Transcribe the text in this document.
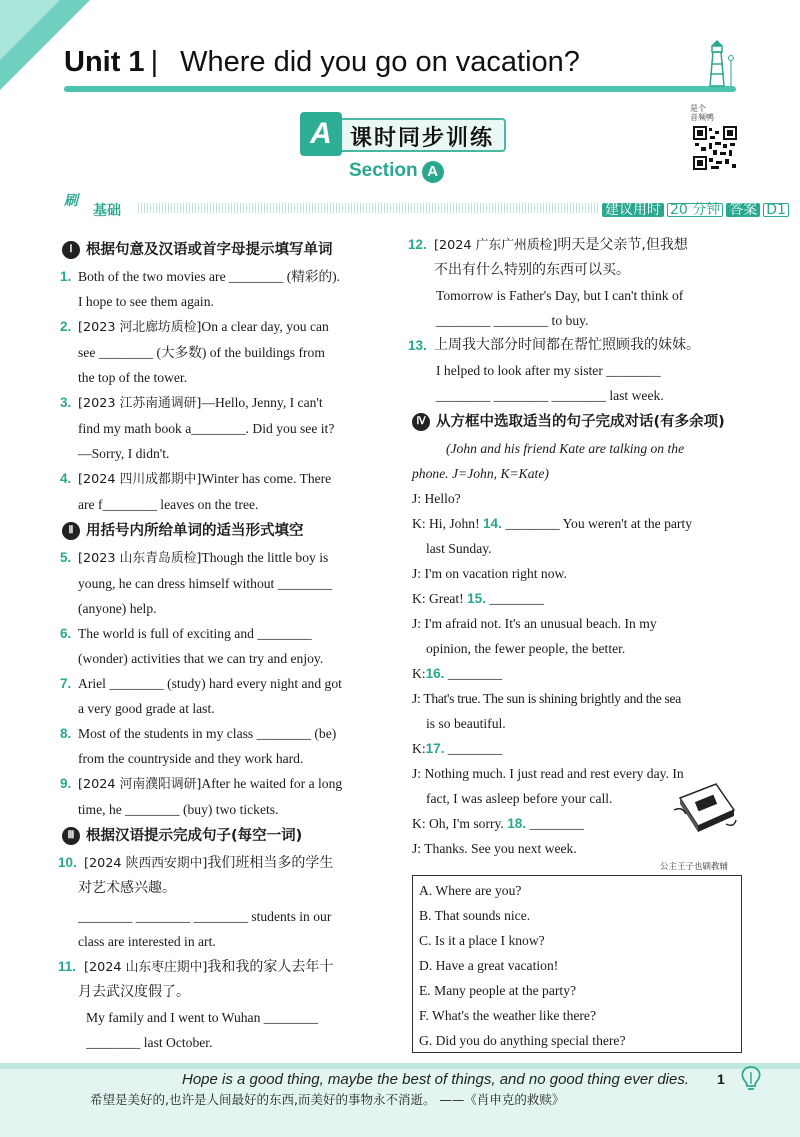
Unit 1 | Where did you go on vacation?
A 课时同步训练
Section A
是个
音频鸭
刷
基础	建议用时 20 分钟 答案 D1
Ⅰ 根据句意及汉语或首字母提示填写单词
1. Both of the two movies are ________ (精彩的).
I hope to see them again.
2. [2023 河北廊坊质检]On a clear day, you can
see ________ (大多数) of the buildings from
the top of the tower.
3. [2023 江苏南通调研]—Hello, Jenny, I can't
find my math book a________. Did you see it?
—Sorry, I didn't.
4. [2024 四川成都期中]Winter has come. There
are f________ leaves on the tree.
Ⅱ 用括号内所给单词的适当形式填空
5. [2023 山东青岛质检]Though the little boy is
young, he can dress himself without ________
(anyone) help.
6. The world is full of exciting and ________
(wonder) activities that we can try and enjoy.
7. Ariel ________ (study) hard every night and got
a very good grade at last.
8. Most of the students in my class ________ (be)
from the countryside and they work hard.
9. [2024 河南濮阳调研]After he waited for a long
time, he ________ (buy) two tickets.
Ⅲ 根据汉语提示完成句子(每空一词)
10. [2024 陕西西安期中]我们班相当多的学生
对艺术感兴趣。
________ ________ ________ students in our
class are interested in art.
11. [2024 山东枣庄期中]我和我的家人去年十
月去武汉度假了。
My family and I went to Wuhan ________
________ last October.
12. [2024 广东广州质检]明天是父亲节,但我想
不出有什么特别的东西可以买。
Tomorrow is Father's Day, but I can't think of
________ ________ to buy.
13. 上周我大部分时间都在帮忙照顾我的妹妹。
I helped to look after my sister ________
________ ________ ________ last week.
Ⅳ 从方框中选取适当的句子完成对话(有多余项)
(John and his friend Kate are talking on the
phone. J=John, K=Kate)
J: Hello?
K: Hi, John! 14. ________ You weren't at the party
last Sunday.
J: I'm on vacation right now.
K: Great! 15. ________
J: I'm afraid not. It's an unusual beach. In my
opinion, the fewer people, the better.
K:16. ________
J: That's true. The sun is shining brightly and the sea
is so beautiful.
K:17. ________
J: Nothing much. I just read and rest every day. In
fact, I was asleep before your call.
K: Oh, I'm sorry. 18. ________
J: Thanks. See you next week.
公主王子也刷教辅
A. Where are you?
B. That sounds nice.
C. Is it a place I know?
D. Have a great vacation!
E. Many people at the party?
F. What's the weather like there?
G. Did you do anything special there?
Hope is a good thing, maybe the best of things, and no good thing ever dies.
希望是美好的,也许是人间最好的东西,而美好的事物永不消逝。 ——《肖申克的救赎》
1
